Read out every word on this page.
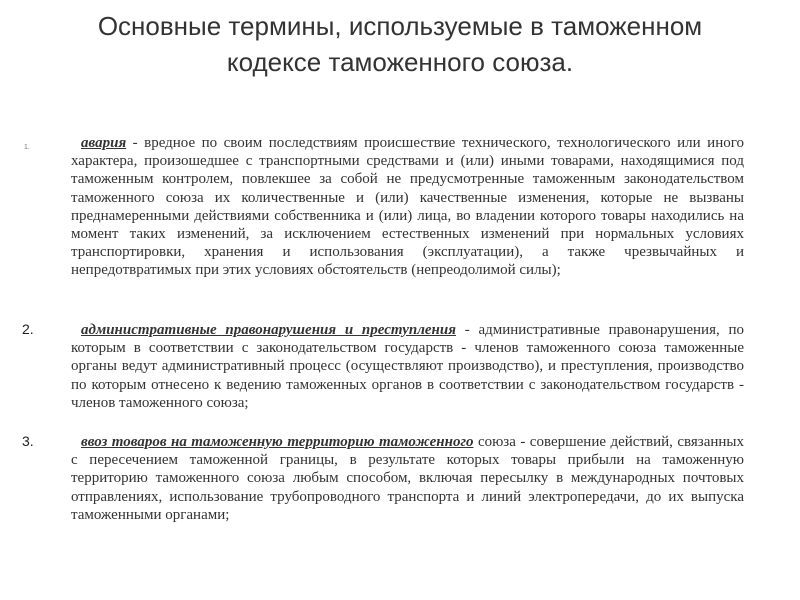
Основные термины, используемые в таможенном
кодексе таможенного союза.
1.	авария - вредное по своим последствиям происшествие технического, технологического или иного характера, произошедшее с транспортными средствами и (или) иными товарами, находящимися под таможенным контролем, повлекшее за собой не предусмотренные таможенным законодательством таможенного союза их количественные и (или) качественные изменения, которые не вызваны преднамеренными действиями собственника и (или) лица, во владении которого товары находились на момент таких изменений, за исключением естественных изменений при нормальных условиях транспортировки, хранения и использования (эксплуатации), а также чрезвычайных и непредотвратимых при этих условиях обстоятельств (непреодолимой силы);

2.	административные правонарушения и преступления - административные правонарушения, по которым в соответствии с законодательством государств - членов таможенного союза таможенные органы ведут административный процесс (осуществляют производство), и преступления, производство по которым отнесено к ведению таможенных органов в соответствии с законодательством государств - членов таможенного союза;

3.	ввоз товаров на таможенную территорию таможенного союза - совершение действий, связанных с пересечением таможенной границы, в результате которых товары прибыли на таможенную территорию таможенного союза любым способом, включая пересылку в международных почтовых отправлениях, использование трубопроводного транспорта и линий электропередачи, до их выпуска таможенными органами;
